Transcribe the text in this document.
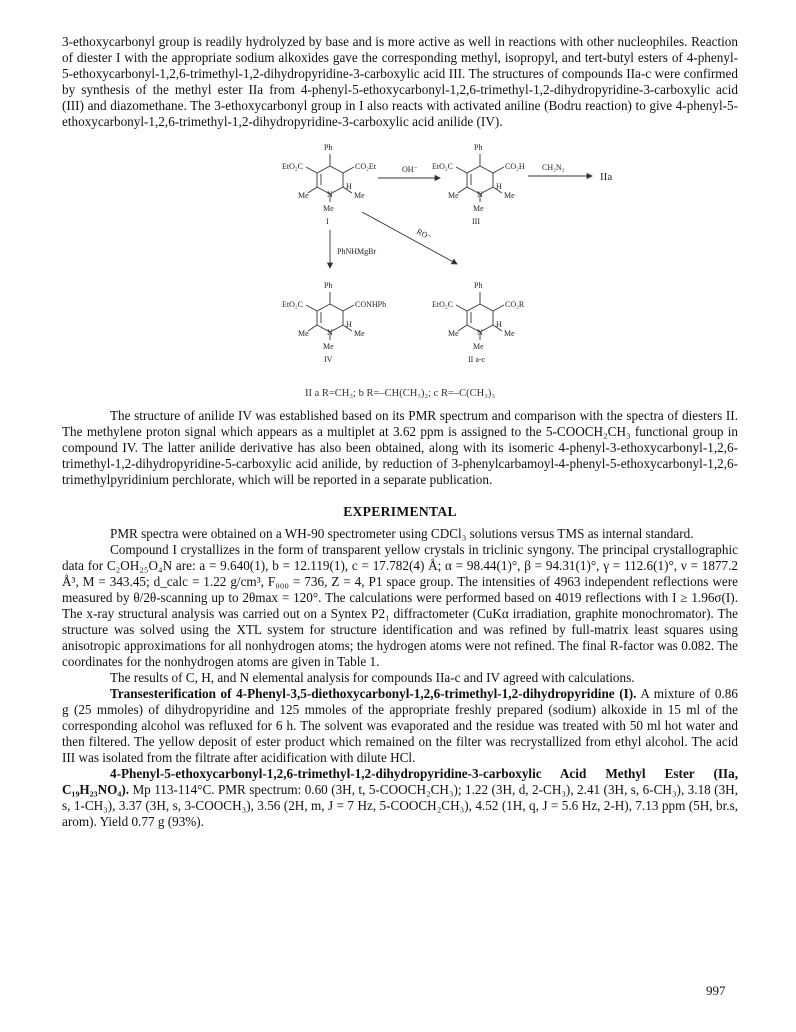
3-ethoxycarbonyl group is readily hydrolyzed by base and is more active as well in reactions with other nucleophiles. Reaction of diester I with the appropriate sodium alkoxides gave the corresponding methyl, isopropyl, and tert-butyl esters of 4-phenyl-5-ethoxycarbonyl-1,2,6-trimethyl-1,2-dihydropyridine-3-carboxylic acid III. The structures of compounds IIa-c were confirmed by synthesis of the methyl ester IIa from 4-phenyl-5-ethoxycarbonyl-1,2,6-trimethyl-1,2-dihydropyridine-3-carboxylic acid (III) and diazomethane. The 3-ethoxycarbonyl group in I also reacts with activated aniline (Bodru reaction) to give 4-phenyl-5-ethoxycarbonyl-1,2,6-trimethyl-1,2-dihydropyridine-3-carboxylic acid anilide (IV).

Ph
EtO₂C	CO₂Et
H
Me	Me
N
Me
I
OH⁻
Ph
EtO₂C	CO₂H
H
Me	Me
N
Me
III
CH₂N₂
IIa
PhNHMgBr
RO⁻
Ph
EtO₂C	CONHPh
H
Me	Me
N
Me
IV
Ph
EtO₂C	CO₂R
H
Me	Me
N
Me
II a-c
II a R=CH₃; b R=–CH(CH₃)₂; c R=–C(CH₃)₃

The structure of anilide IV was established based on its PMR spectrum and comparison with the spectra of diesters II. The methylene proton signal which appears as a multiplet at 3.62 ppm is assigned to the 5-COOCH₂CH₃ functional group in compound IV. The latter anilide derivative has also been obtained, along with its isomeric 4-phenyl-3-ethoxycarbonyl-1,2,6-trimethyl-1,2-dihydropyridine-5-carboxylic acid anilide, by reduction of 3-phenylcarbamoyl-4-phenyl-5-ethoxycarbonyl-1,2,6-trimethylpyridinium perchlorate, which will be reported in a separate publication.

EXPERIMENTAL

PMR spectra were obtained on a WH-90 spectrometer using CDCl₃ solutions versus TMS as internal standard.

Compound I crystallizes in the form of transparent yellow crystals in triclinic syngony. The principal crystallographic data for C₂OH₂₅O₄N are: a = 9.640(1), b = 12.119(1), c = 17.782(4) Å; α = 98.44(1)°, β = 94.31(1)°, γ = 112.6(1)°, ν = 1877.2 Å³, M = 343.45; d_calc = 1.22 g/cm³, F₀₀₀ = 736, Z = 4, P1 space group. The intensities of 4963 independent reflections were measured by θ/2θ-scanning up to 2θmax = 120°. The calculations were performed based on 4019 reflections with I ≥ 1.96σ(I). The x-ray structural analysis was carried out on a Syntex P2₁ diffractometer (CuKα irradiation, graphite monochromator). The structure was solved using the XTL system for structure identification and was refined by full-matrix least squares using anisotropic approximations for all nonhydrogen atoms; the hydrogen atoms were not refined. The final R-factor was 0.082. The coordinates for the nonhydrogen atoms are given in Table 1.

The results of C, H, and N elemental analysis for compounds IIa-c and IV agreed with calculations.

Transesterification of 4-Phenyl-3,5-diethoxycarbonyl-1,2,6-trimethyl-1,2-dihydropyridine (I). A mixture of 0.86 g (25 mmoles) of dihydropyridine and 125 mmoles of the appropriate freshly prepared (sodium) alkoxide in 15 ml of the corresponding alcohol was refluxed for 6 h. The solvent was evaporated and the residue was treated with 50 ml hot water and then filtered. The yellow deposit of ester product which remained on the filter was recrystallized from ethyl alcohol. The acid III was isolated from the filtrate after acidification with dilute HCl.

4-Phenyl-5-ethoxycarbonyl-1,2,6-trimethyl-1,2-dihydropyridine-3-carboxylic Acid Methyl Ester (IIa, C₁₉H₂₃NO₄). Mp 113-114°C. PMR spectrum: 0.60 (3H, t, 5-COOCH₂CH₃); 1.22 (3H, d, 2-CH₃), 2.41 (3H, s, 6-CH₃), 3.18 (3H, s, 1-CH₃), 3.37 (3H, s, 3-COOCH₃), 3.56 (2H, m, J = 7 Hz, 5-COOCH₂CH₃), 4.52 (1H, q, J = 5.6 Hz, 2-H), 7.13 ppm (5H, br.s, arom). Yield 0.77 g (93%).

997
